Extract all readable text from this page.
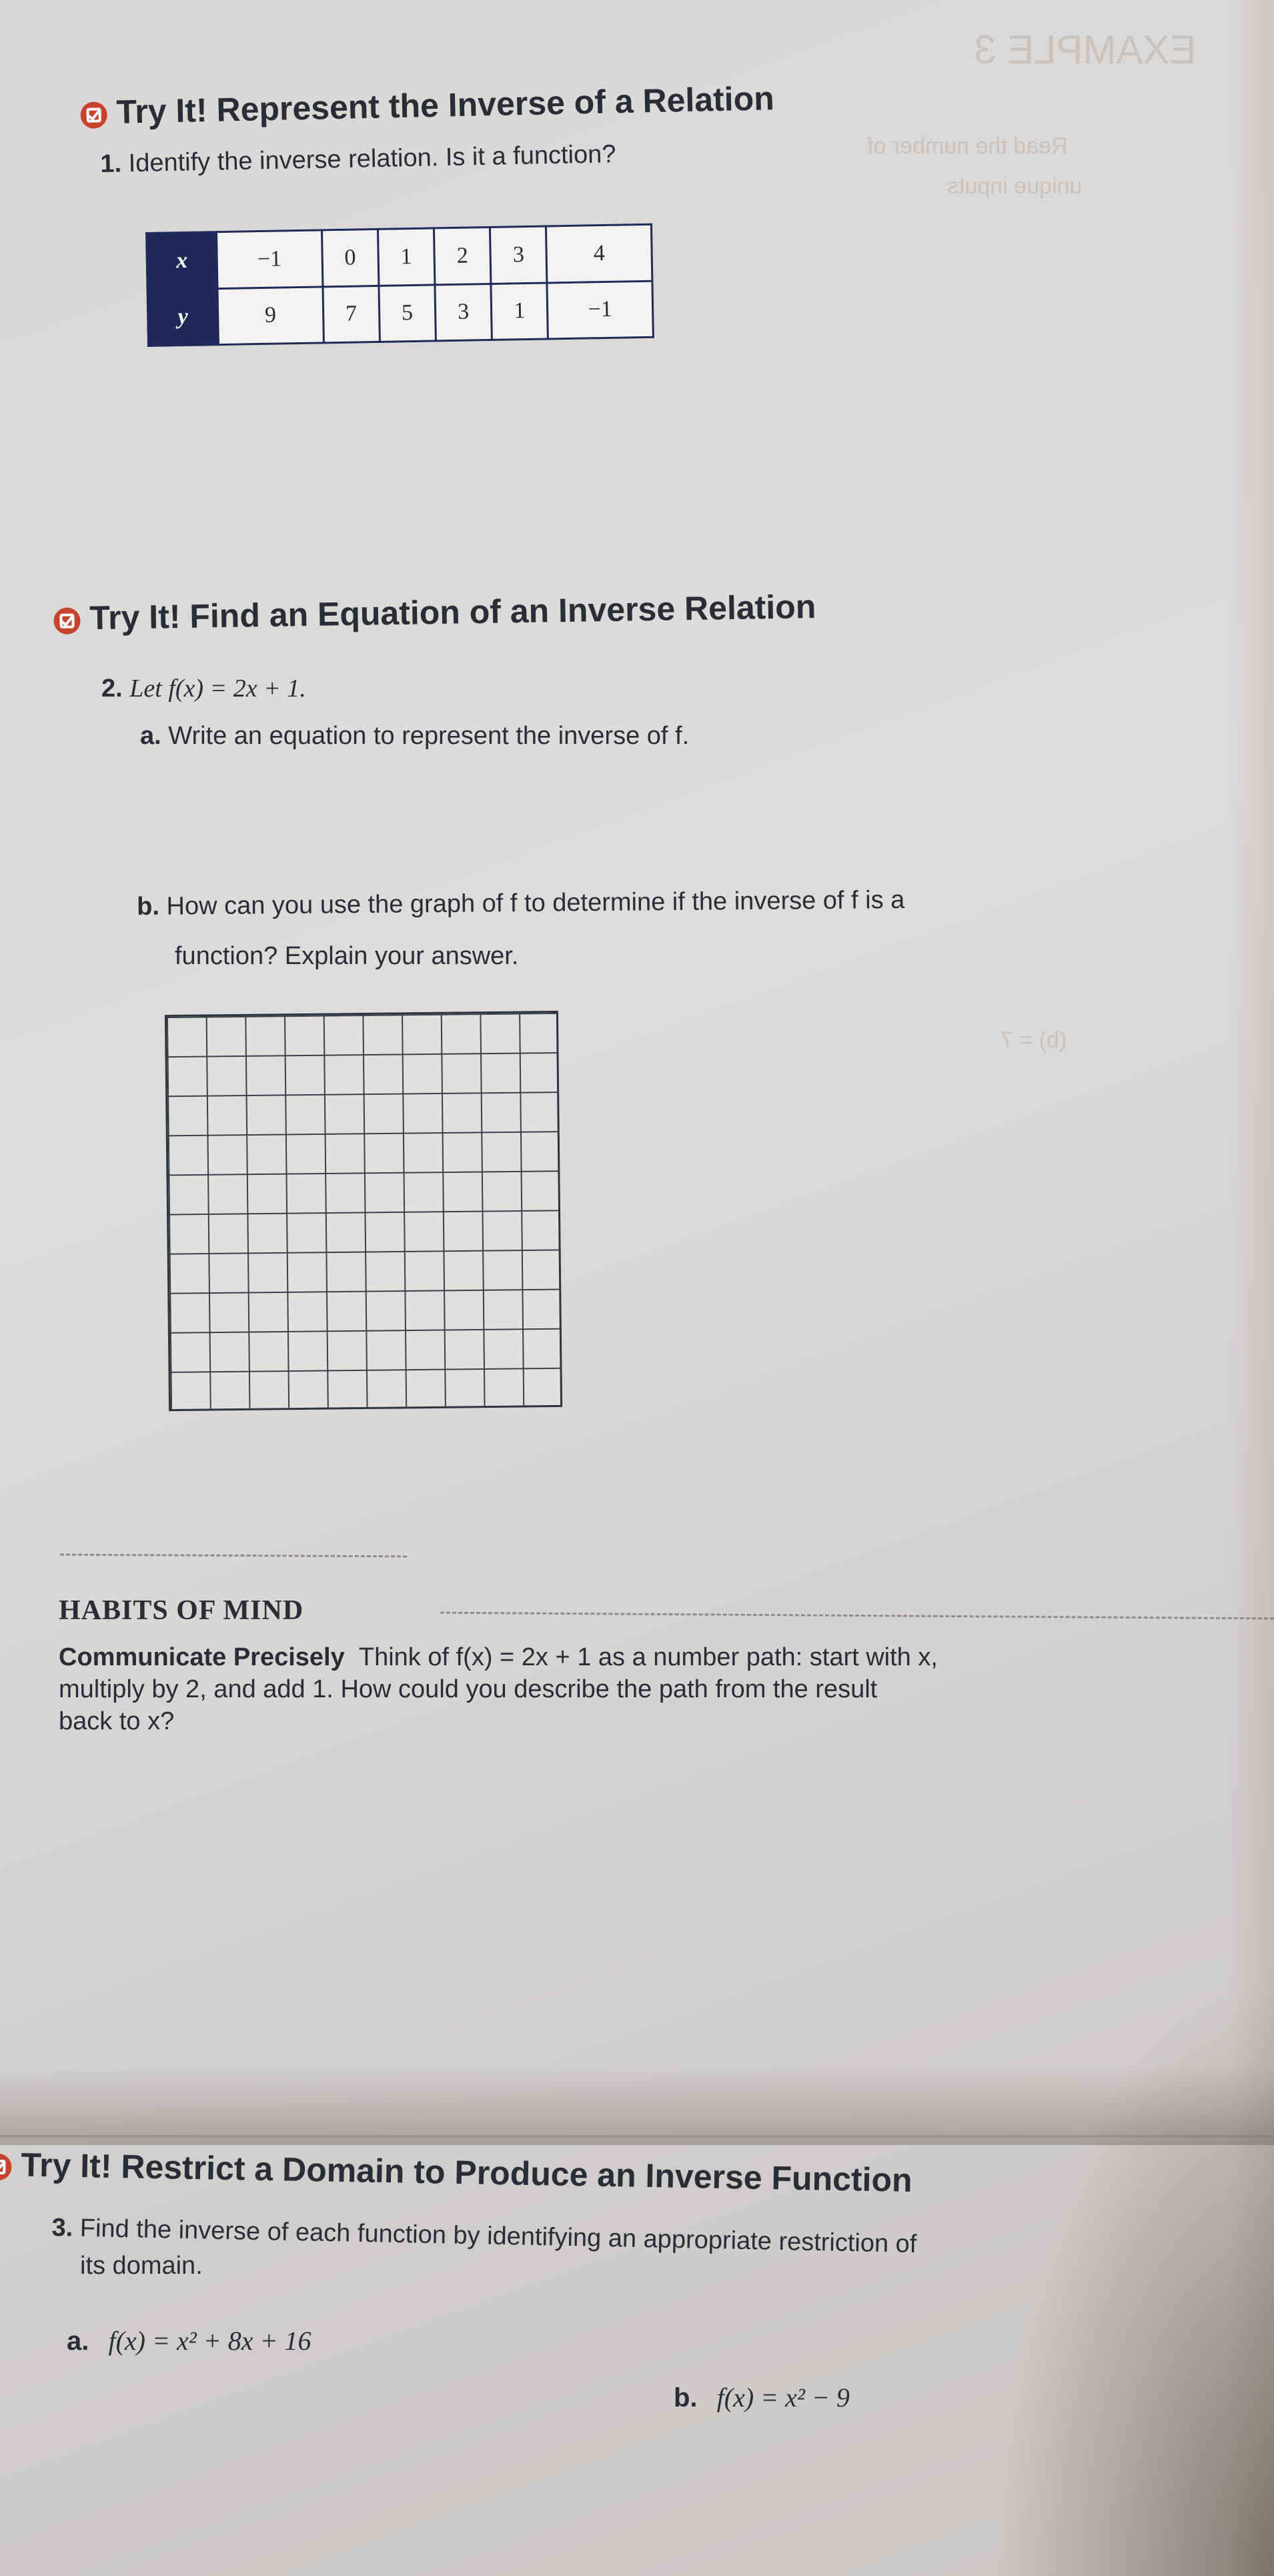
EXAMPLE 3
Read the number of
unique inputs
(b) = 7
Try It! Represent the Inverse of a Relation
1. Identify the inverse relation. Is it a function?
x	−1	0	1	2	3	4
y	9	7	5	3	1	−1
Try It! Find an Equation of an Inverse Relation
2. Let f(x) = 2x + 1.
a. Write an equation to represent the inverse of f.
b. How can you use the graph of f to determine if the inverse of f is a
function? Explain your answer.
HABITS OF MIND
Communicate Precisely Think of f(x) = 2x + 1 as a number path: start with x,
multiply by 2, and add 1. How could you describe the path from the result
back to x?
Try It! Restrict a Domain to Produce an Inverse Function
3. Find the inverse of each function by identifying an appropriate restriction of
its domain.
a. f(x) = x² + 8x + 16
b. f(x) = x² − 9
